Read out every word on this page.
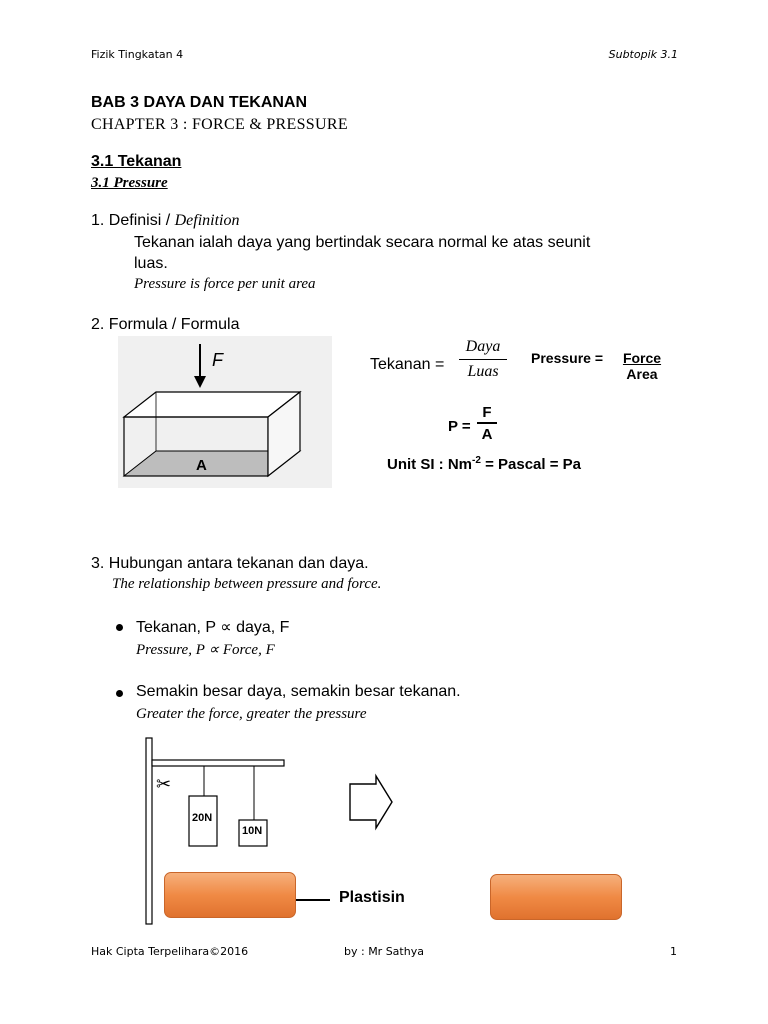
Fizik Tingkatan 4	Subtopik 3.1
BAB 3 DAYA DAN TEKANAN
CHAPTER 3 : FORCE & PRESSURE
3.1 Tekanan
3.1 Pressure
1. Definisi / Definition
Tekanan ialah daya yang bertindak secara normal ke atas seunit
luas.
Pressure is force per unit area
2. Formula / Formula
F
A
Tekanan =
Daya
Luas
Pressure = Force
Area
P =
F
A
Unit SI : $Nm^{-2}$ = Pascal = Pa
3. Hubungan antara tekanan dan daya.
The relationship between pressure and force.
Tekanan, P ∝ daya, F
Pressure, P ∝ Force, F
Semakin besar daya, semakin besar tekanan.
Greater the force, greater the pressure
✂
20N
10N
Plastisin
Hak Cipta Terpelihara©2016	by : Mr Sathya	1
